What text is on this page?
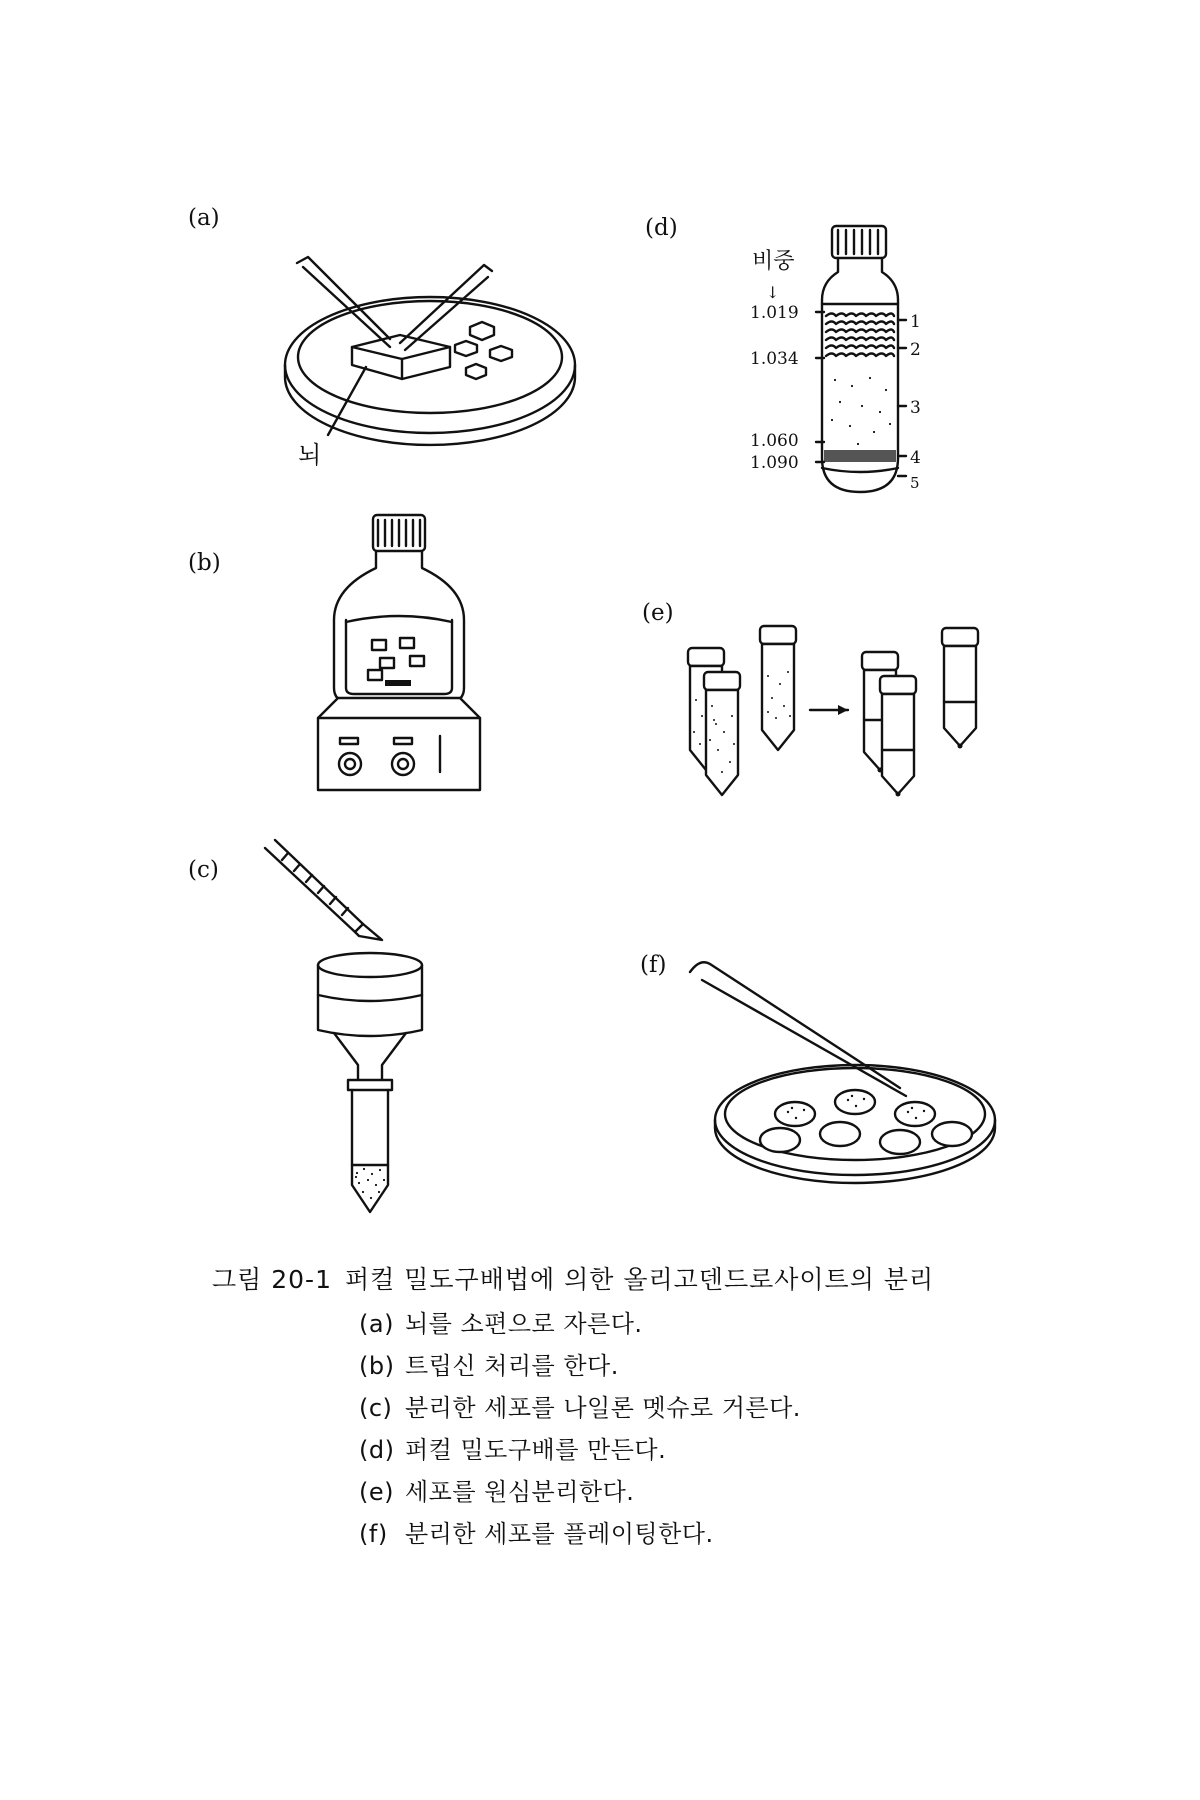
(a)	(d)
(b)
(e)
(c)
(f)
뇌
비중
↓
1.019
1.034
1.060
1.090
1
2
3
4
5
그림 20-1 퍼컬 밀도구배법에 의한 올리고덴드로사이트의 분리
(a) 뇌를 소편으로 자른다.
(b) 트립신 처리를 한다.
(c) 분리한 세포를 나일론 멧슈로 거른다.
(d) 퍼컬 밀도구배를 만든다.
(e) 세포를 원심분리한다.
(f) 분리한 세포를 플레이팅한다.
